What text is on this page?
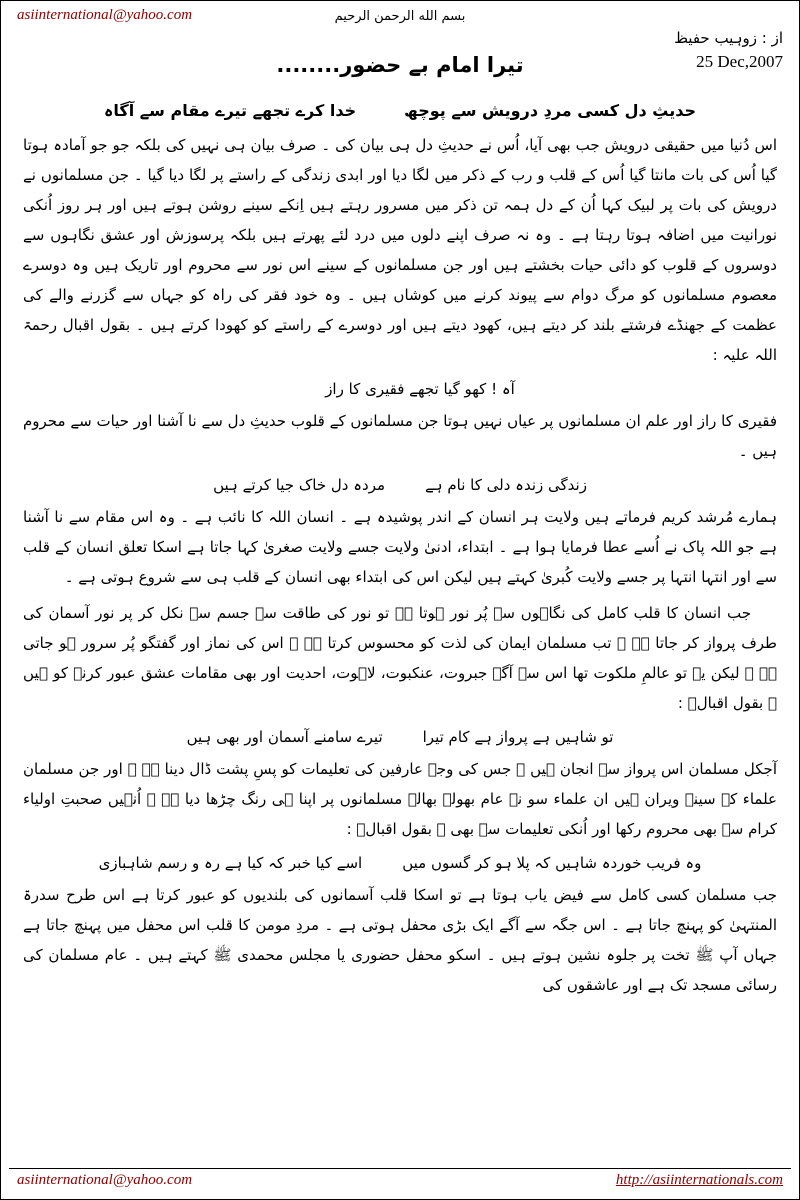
asiinternational@yahoo.com	بسم الله الرحمن الرحيم
از : زوہیب حفیظ
25 Dec,2007
تیرا امام بے حضور........
حدیثِ دل کسی مردِ درویش سے پوچھ
خدا کرے تجھے تیرے مقام سے آگاہ
اس دُنیا میں حقیقی درویش جب بھی آیا، اُس نے حدیثِ دل ہی بیان کی ۔ صرف بیان ہی نہیں کی بلکہ جو جو آمادہ ہوتا گیا اُس کی بات مانتا گیا اُس کے قلب و رب کے ذکر میں لگا دیا اور ابدی زندگی کے راستے پر لگا دیا گیا ۔ جن مسلمانوں نے درویش کی بات پر لبیک کہا اُن کے دل ہمہ تن ذکر میں مسرور رہتے ہیں اِنکے سینے روشن ہوتے ہیں اور ہر روز اُنکی نورانیت میں اضافہ ہوتا رہتا ہے ۔ وہ نہ صرف اپنے دلوں میں درد لئے پھرتے ہیں بلکہ پرسوزش اور عشق نگاہوں سے دوسروں کے قلوب کو دائی حیات بخشتے ہیں اور جن مسلمانوں کے سینے اس نور سے محروم اور تاریک ہیں وہ دوسرے معصوم مسلمانوں کو مرگ دوام سے پیوند کرنے میں کوشاں ہیں ۔ وہ خود فقر کی راہ کو جہاں سے گزرنے والے کی عظمت کے جھنڈے فرشتے بلند کر دیتے ہیں، کھود دیتے ہیں اور دوسرے کے راستے کو کھودا کرتے ہیں ۔ بقول اقبال رحمۃ اللہ علیہ :
آہ ! کھو گیا تجھے فقیری کا راز
فقیری کا راز اور علم ان مسلمانوں پر عیاں نہیں ہوتا جن مسلمانوں کے قلوب حدیثِ دل سے نا آشنا اور حیات سے محروم ہیں ۔
زندگی زندہ دلی کا نام ہے
مردہ دل خاک جیا کرتے ہیں
ہمارے مُرشد کریم فرماتے ہیں ولایت ہر انسان کے اندر پوشیدہ ہے ۔ انسان اللہ کا نائب ہے ۔ وہ اس مقام سے نا آشنا ہے جو اللہ پاک نے اُسے عطا فرمایا ہوا ہے ۔ ابتداء، ادنیٰ ولایت جسے ولایت صغریٰ کہا جاتا ہے اسکا تعلق انسان کے قلب سے اور انتہا انتہا پر جسے ولایت کُبریٰ کہتے ہیں لیکن اس کی ابتداء بھی انسان کے قلب ہی سے شروع ہوتی ہے ۔
جب انسان کا قلب کامل کی نگاہوں سے پُر نور ہوتا ہے تو نور کی طاقت سے جسم سے نکل کر پر نور آسمان کی طرف پرواز کر جاتا ہے ۔ تب مسلمان ایمان کی لذت کو محسوس کرتا ہے ۔ اس کی نماز اور گفتگو پُر سرور ہو جاتی ہے ۔ لیکن یہ تو عالمِ ملکوت تھا اس سے آگے جبروت، عنکبوت، لاہوت، احدیت اور بھی مقامات عشق عبور کرنے کو ہیں ۔ بقول اقبالؒ :
تو شاہیں ہے پرواز ہے کام تیرا
تیرے سامنے آسمان اور بھی ہیں
آجکل مسلمان اس پرواز سے انجان ہیں ۔ جس کی وجہ عارفین کی تعلیمات کو پسِ پشت ڈال دینا ہے ۔ اور جن مسلمان علماء کے سینے ویران ہیں ان علماء سو نے عام بھولے بھالے مسلمانوں پر اپنا ہی رنگ چڑھا دیا ہے ۔ اُنہیں صحبتِ اولیاء کرام سے بھی محروم رکھا اور اُنکی تعلیمات سے بھی ۔ بقول اقبالؒ :
وہ فریب خوردہ شاہیں کہ پلا ہو کر گسوں میں
اسے کیا خبر کہ کیا ہے رہ و رسم شاہبازی
جب مسلمان کسی کامل سے فیض یاب ہوتا ہے تو اسکا قلب آسمانوں کی بلندیوں کو عبور کرتا ہے اس طرح سدرۃ المنتہیٰ کو پہنچ جاتا ہے ۔ اس جگہ سے آگے ایک بڑی محفل ہوتی ہے ۔ مردِ مومن کا قلب اس محفل میں پہنچ جاتا ہے جہاں آپ ﷺ تخت پر جلوہ نشین ہوتے ہیں ۔ اسکو محفل حضوری یا مجلس محمدی ﷺ کہتے ہیں ۔ عام مسلمان کی رسائی مسجد تک ہے اور عاشقوں کی
asiinternational@yahoo.com	http://asiinternationals.com
